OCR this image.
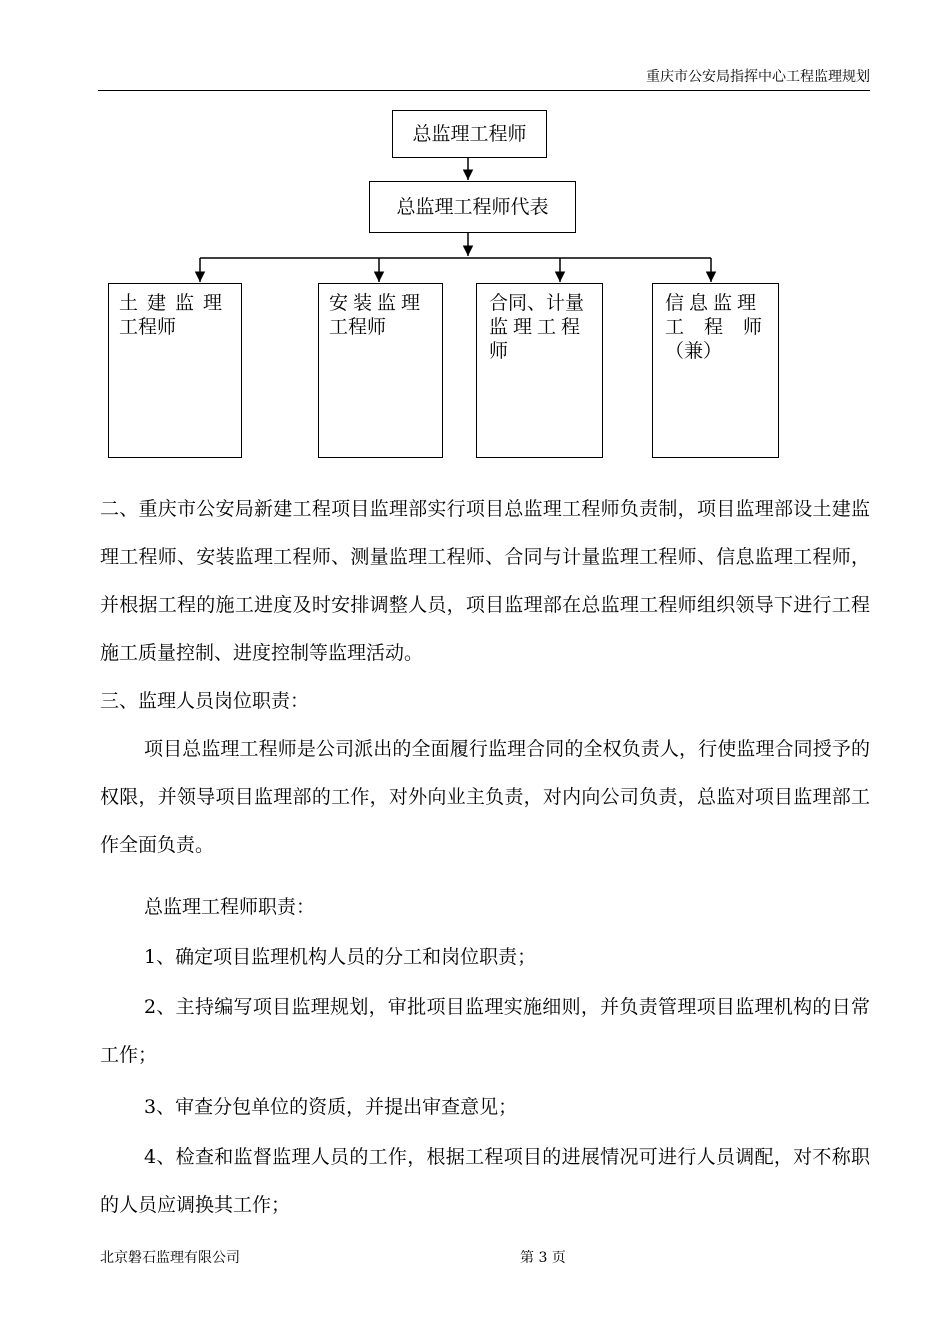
重庆市公安局指挥中心工程监理规划
总监理工程师
总监理工程师代表
土建监理
工程师
安装监理
工程师
合同、计量
监理工程
师
信息监理
工程师
（兼）
二、重庆市公安局新建工程项目监理部实行项目总监理工程师负责制，项目监理部设土建监理工程师、安装监理工程师、测量监理工程师、合同与计量监理工程师、信息监理工程师，并根据工程的施工进度及时安排调整人员，项目监理部在总监理工程师组织领导下进行工程施工质量控制、进度控制等监理活动。
三、监理人员岗位职责：
项目总监理工程师是公司派出的全面履行监理合同的全权负责人，行使监理合同授予的权限，并领导项目监理部的工作，对外向业主负责，对内向公司负责，总监对项目监理部工作全面负责。
总监理工程师职责：
1、确定项目监理机构人员的分工和岗位职责；
2、主持编写项目监理规划，审批项目监理实施细则，并负责管理项目监理机构的日常工作；
3、审查分包单位的资质，并提出审查意见；
4、检查和监督监理人员的工作，根据工程项目的进展情况可进行人员调配，对不称职的人员应调换其工作；
北京磐石监理有限公司	第 3 页
